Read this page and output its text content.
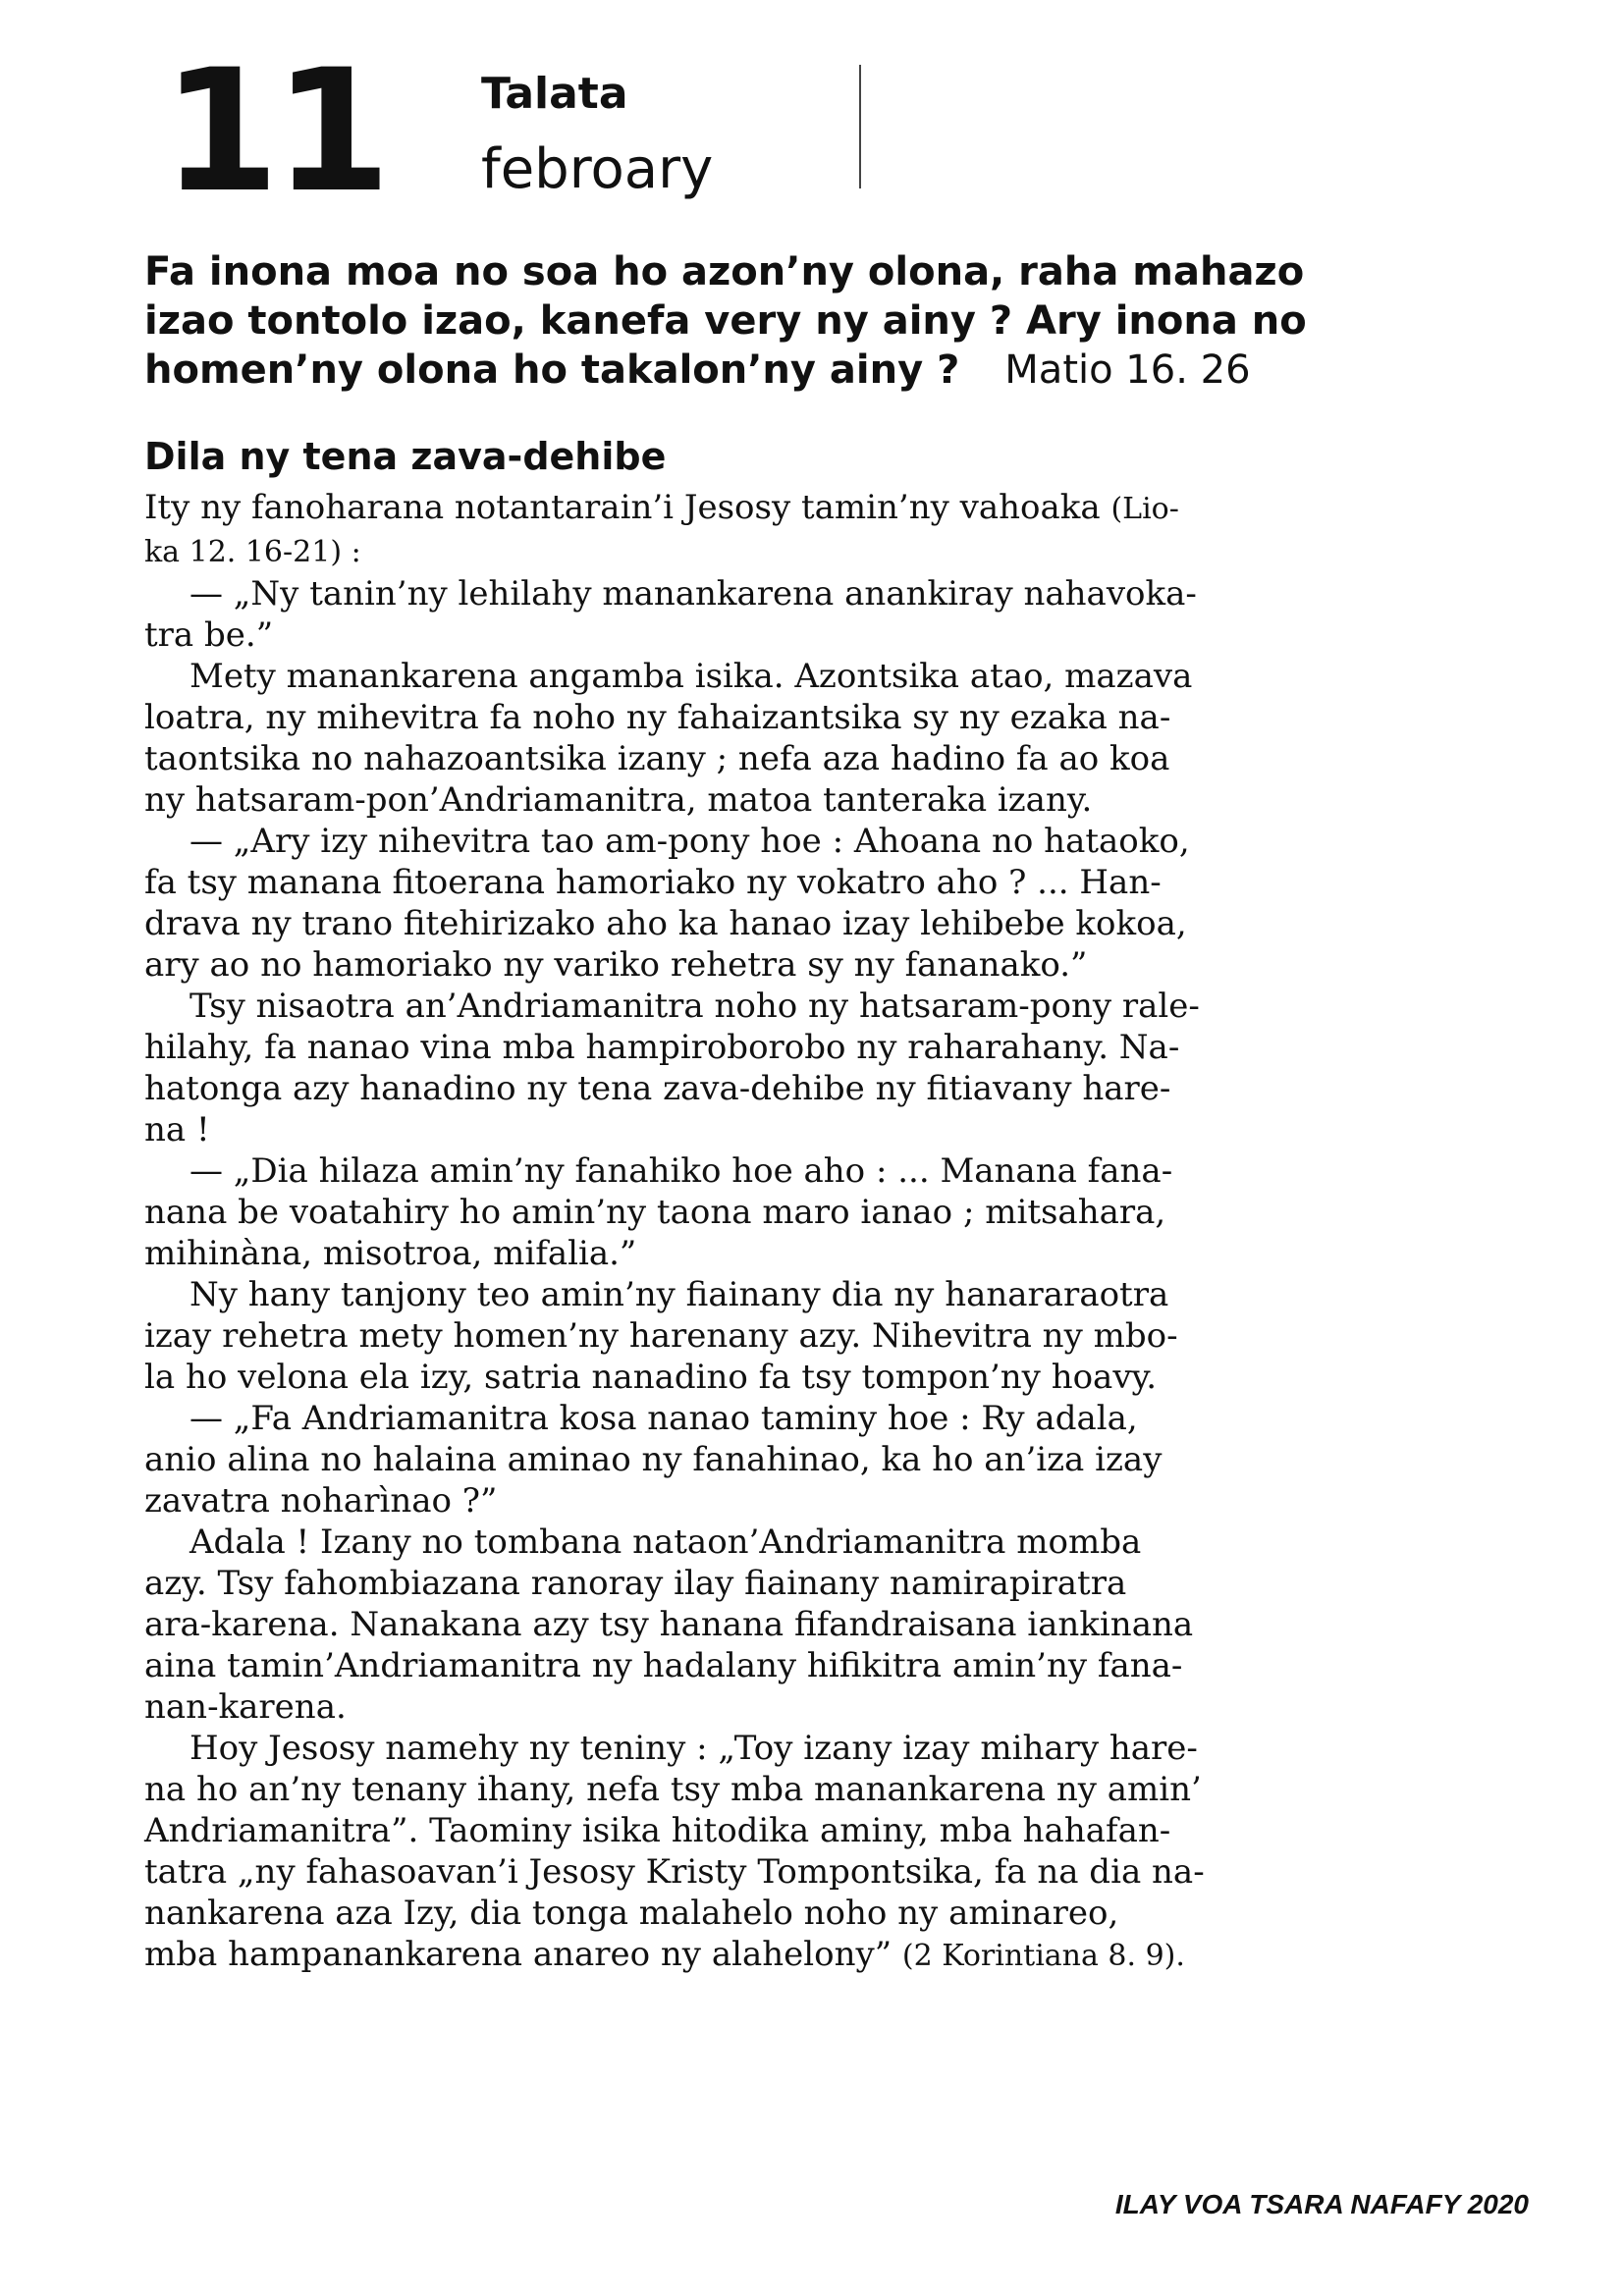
11 Talata
febroary
Fa inona moa no soa ho azon’ny olona, raha mahazo
izao tontolo izao, kanefa very ny ainy ? Ary inona no
homen’ny olona ho takalon’ny ainy ? Matio 16. 26
Dila ny tena zava-dehibe
Ity ny fanoharana notantarain’i Jesosy tamin’ny vahoaka (Lio-
ka 12. 16-21) :
— „Ny tanin’ny lehilahy manankarena anankiray nahavoka-
tra be.”
Mety manankarena angamba isika. Azontsika atao, mazava
loatra, ny mihevitra fa noho ny fahaizantsika sy ny ezaka na-
taontsika no nahazoantsika izany ; nefa aza hadino fa ao koa
ny hatsaram-pon’Andriamanitra, matoa tanteraka izany.
— „Ary izy nihevitra tao am-pony hoe : Ahoana no hataoko,
fa tsy manana fitoerana hamoriako ny vokatro aho ? ... Han-
drava ny trano fitehirizako aho ka hanao izay lehibebe kokoa,
ary ao no hamoriako ny variko rehetra sy ny fananako.”
Tsy nisaotra an’Andriamanitra noho ny hatsaram-pony rale-
hilahy, fa nanao vina mba hampiroborobo ny raharahany. Na-
hatonga azy hanadino ny tena zava-dehibe ny fitiavany hare-
na !
— „Dia hilaza amin’ny fanahiko hoe aho : ... Manana fana-
nana be voatahiry ho amin’ny taona maro ianao ; mitsahara,
mihinàna, misotroa, mifalia.”
Ny hany tanjony teo amin’ny fiainany dia ny hanararaotra
izay rehetra mety homen’ny harenany azy. Nihevitra ny mbo-
la ho velona ela izy, satria nanadino fa tsy tompon’ny hoavy.
— „Fa Andriamanitra kosa nanao taminy hoe : Ry adala,
anio alina no halaina aminao ny fanahinao, ka ho an’iza izay
zavatra noharìnao ?”
Adala ! Izany no tombana nataon’Andriamanitra momba
azy. Tsy fahombiazana ranoray ilay fiainany namirapiratra
ara-karena. Nanakana azy tsy hanana fifandraisana iankinana
aina tamin’Andriamanitra ny hadalany hifikitra amin’ny fana-
nan-karena.
Hoy Jesosy namehy ny teniny : „Toy izany izay mihary hare-
na ho an’ny tenany ihany, nefa tsy mba manankarena ny amin’
Andriamanitra”. Taominy isika hitodika aminy, mba hahafan-
tatra „ny fahasoavan’i Jesosy Kristy Tompontsika, fa na dia na-
nankarena aza Izy, dia tonga malahelo noho ny aminareo,
mba hampanankarena anareo ny alahelony” (2 Korintiana 8. 9).
ILAY VOA TSARA NAFAFY 2020
